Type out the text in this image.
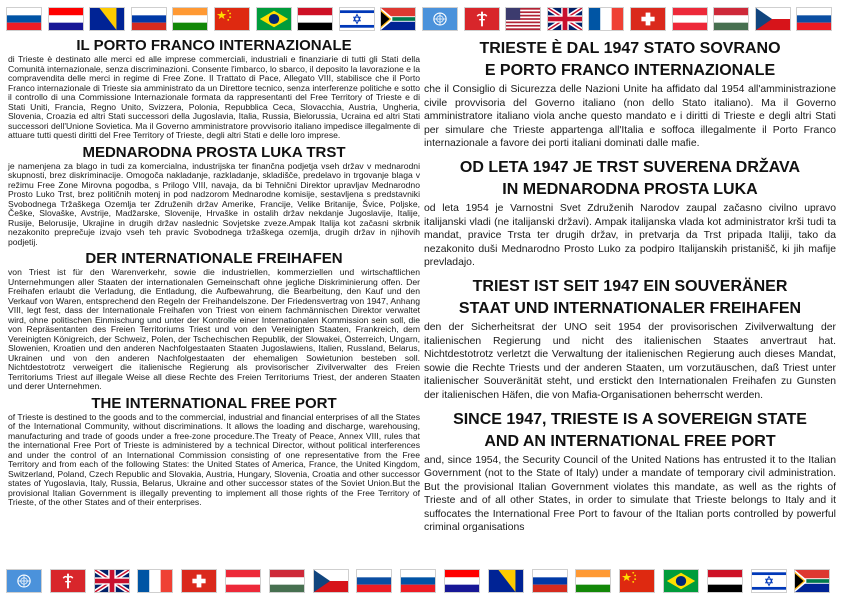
IL PORTO FRANCO INTERNAZIONALE

di Trieste è destinato alle merci ed alle imprese commerciali, industriali e finanziarie di tutti gli Stati della Comunità internazionale, senza discriminazioni. Consente l'imbarco, lo sbarco, il deposito la lavorazione e la compravendita delle merci in regime di Free Zone. Il Trattato di Pace, Allegato VIII, stabilisce che il Porto Franco internazionale di Trieste sia amministrato da un Direttore tecnico, senza interferenze politiche e sotto il controllo di una Commissione Internazionale formata da rappresentanti del Free Territory of Trieste e di Stati Uniti, Francia, Regno Unito, Svizzera, Polonia, Repubblica Ceca, Slovacchia, Austria, Ungheria, Slovenia, Croazia ed altri Stati successori della Jugoslavia, Italia, Russia, Bielorussia, Ucraina ed altri Stati successori dell'Unione Sovietica. Ma il Governo amministratore provvisorio italiano impedisce illegalmente di attuare tutti questi diritti del Free Territory of Trieste, degli altri Stati e delle loro imprese.

MEDNARODNA PROSTA LUKA TRST

je namenjena za blago in tudi za komercialna, industrijska ter finančna podjetja vseh držav v mednarodni skupnosti, brez diskriminacije. Omogoča nakladanje, razkladanje, skladišče, predelavo in trgovanje blaga v režimu Free Zone Mirovna pogodba, s Prilogo VIII, navaja, da bi Tehnični Direktor upravljav Mednarodno Prosto Luko Trst, brez političnih motenj in pod nadzorom Mednarodne komisije, sestavljena s predstavniki Svobodnega Tržaškega Ozemlja ter Združenih držav Amerike, Francije, Velike Britanije, Švice, Poljske, Češke, Slovaške, Avstrije, Madžarske, Slovenije, Hrvaške in ostalih držav nekdanje Jugoslavije, Italije, Rusije, Belorusije, Ukrajine in drugih držav naslednic Sovjetske zveze.Ampak Italija kot začasni skrbnik nezakonito preprečuje izvajo vseh teh pravic Svobodnega tržaškega ozemlja, drugih držav in njihovih podjetij.

DER INTERNATIONALE FREIHAFEN

von Triest ist für den Warenverkehr, sowie die industriellen, kommerziellen und wirtschaftlichen Unternehmungen aller Staaten der internationalen Gemeinschaft ohne jegliche Diskriminierung offen. Der Freihafen erlaubt die Verladung, die Entladung, die Aufbewahrung, die Bearbeitung, den Kauf und den Verkauf von Waren, entsprechend den Regeln der Freihandelszone. Der Friedensvertrag von 1947, Anhang VIII, legt fest, dass der Internationale Freihafen von Triest von einem fachmännischen Direktor verwaltet wird, ohne politischen Einmischung und unter der Kontrolle einer Internationalen Kommission sein soll, die von Repräsentanten des Freien Territoriums Triest und von den Vereinigten Staaten, Frankreich, dem Vereinigten Königreich, der Schweiz, Polen, der Tschechischen Republik, der Slowakei, Österreich, Ungarn, Slowenien, Kroatien und den anderen Nachfolgestaaten Staaten Jugoslawiens, Italien, Russland, Belarus, Ukrainen und von den anderen Nachfolgestaaten der ehemaligen Sowietunion besteben soll. Nichtdestotrotz verweigert die italienische Regierung als provisorischer Zivilverwalter des Freien Territoriums Triest auf illegale Weise all diese Rechte des Freien Territoriums Triest, der anderen Staaten und derer Unternehmen.

THE INTERNATIONAL FREE PORT

of Trieste is destined to the goods and to the commercial, industrial and financial enterprises of all the States of the International Community, without discriminations. It allows the loading and discharge, warehousing, manufacturing and trade of goods under a free-zone procedure.The Treaty of Peace, Annex VIII, rules that the international Free Port of Trieste is administered by a technical Director, without political interferences and under the control of an International Commission consisting of one representative from the Free Territory and from each of the following States: the United States of America, France, the United Kingdom, Switzerland, Poland, Czech Republic and Slovakia, Austria, Hungary, Slovenia, Croatia and other successor states of Yugoslavia, Italy, Russia, Belarus, Ukraine and other successor states of the Soviet Union.But the provisional Italian Government is illegally preventing to implement all those rights of the Free Territory of Trieste, of the other States and of their enterprises.

TRIESTE È DAL 1947 STATO SOVRANO
E PORTO FRANCO INTERNAZIONALE

che il Consiglio di Sicurezza delle Nazioni Unite ha affidato dal 1954 all'amministrazione civile provvisoria del Governo italiano (non dello Stato italiano). Ma il Governo amministratore italiano viola anche questo mandato e i diritti di Trieste e degli altri Stati per simulare che Trieste appartenga all'Italia e soffoca illegalmente il Porto Franco internazionale a favore dei porti italiani dominati dalle mafie.

OD LETA 1947 JE TRST SUVERENA DRŽAVA
IN MEDNARODNA PROSTA LUKA

od leta 1954 je Varnostni Svet Združenih Narodov zaupal začasno civilno upravo italijanski vladi (ne italijanski državi). Ampak italijanska vlada kot administrator krši tudi ta mandat, pravice Trsta ter drugih držav, in pretvarja da Trst pripada Italiji, tako da nezakonito duši Mednarodno Prosto Luko za podpiro Italijanskih pristanišč, ki jih mafije prevladajo.

TRIEST IST SEIT 1947 EIN SOUVERÄNER
STAAT UND INTERNATIONALER FREIHAFEN

den der Sicherheitsrat der UNO seit 1954 der provisorischen Zivilverwaltung der italienischen Regierung und nicht des italienischen Staates anvertraut hat. Nichtdestotrotz verletzt die Verwaltung der italienischen Regierung auch dieses Mandat, sowie die Rechte Triests und der anderen Staaten, um vorzutäuschen, daß Triest unter italienischer Souveränität steht, und erstickt den Internationalen Freihafen zu Gunsten der italienischen Häfen, die von Mafia-Organisationen beherrscht werden.

SINCE 1947, TRIESTE IS A SOVEREIGN STATE
AND AN INTERNATIONAL FREE PORT

and, since 1954, the Security Council of the United Nations has entrusted it to the Italian Government (not to the State of Italy) under a mandate of temporary civil administration. But the provisional Italian Government violates this mandate, as well as the rights of Trieste and of all other States, in order to simulate that Trieste belongs to Italy and it suffocates the International Free Port to favour of the Italian ports controlled by powerful criminal organisations
